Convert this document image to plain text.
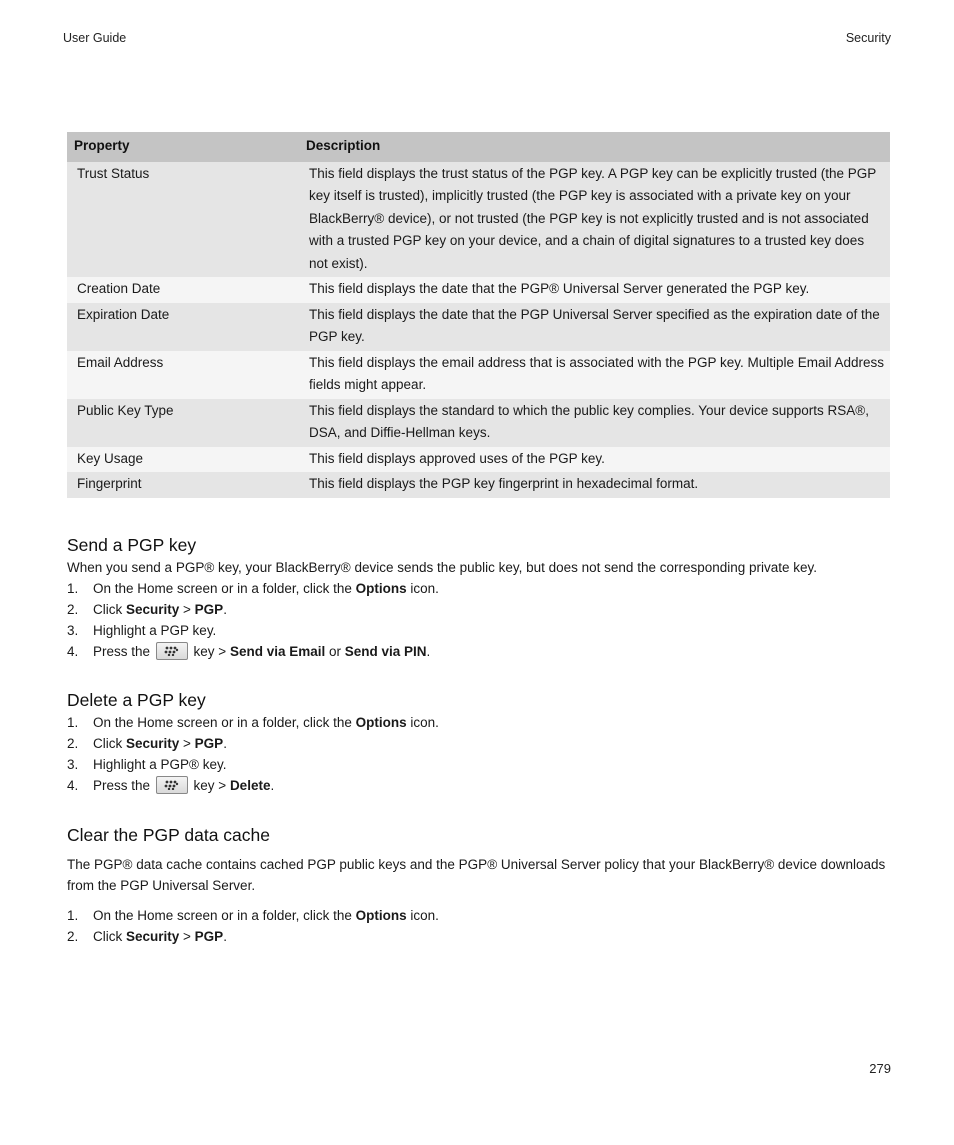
User Guide	Security
Property	Description
Trust Status	This field displays the trust status of the PGP key. A PGP key can be explicitly trusted (the PGP key itself is trusted), implicitly trusted (the PGP key is associated with a private key on your BlackBerry® device), or not trusted (the PGP key is not explicitly trusted and is not associated with a trusted PGP key on your device, and a chain of digital signatures to a trusted key does not exist).
Creation Date	This field displays the date that the PGP® Universal Server generated the PGP key.
Expiration Date	This field displays the date that the PGP Universal Server specified as the expiration date of the PGP key.
Email Address	This field displays the email address that is associated with the PGP key. Multiple Email Address fields might appear.
Public Key Type	This field displays the standard to which the public key complies. Your device supports RSA®, DSA, and Diffie-Hellman keys.
Key Usage	This field displays approved uses of the PGP key.
Fingerprint	This field displays the PGP key fingerprint in hexadecimal format.
Send a PGP key

When you send a PGP® key, your BlackBerry® device sends the public key, but does not send the corresponding private key.

1. On the Home screen or in a folder, click the Options icon.
2. Click Security > PGP.
3. Highlight a PGP key.
4. Press the	key > Send via Email or Send via PIN.
Delete a PGP key
1. On the Home screen or in a folder, click the Options icon.
2. Click Security > PGP.
3. Highlight a PGP® key.
4. Press the	key > Delete.
Clear the PGP data cache

The PGP® data cache contains cached PGP public keys and the PGP® Universal Server policy that your BlackBerry® device downloads from the PGP Universal Server.

1. On the Home screen or in a folder, click the Options icon.
2. Click Security > PGP.
279
